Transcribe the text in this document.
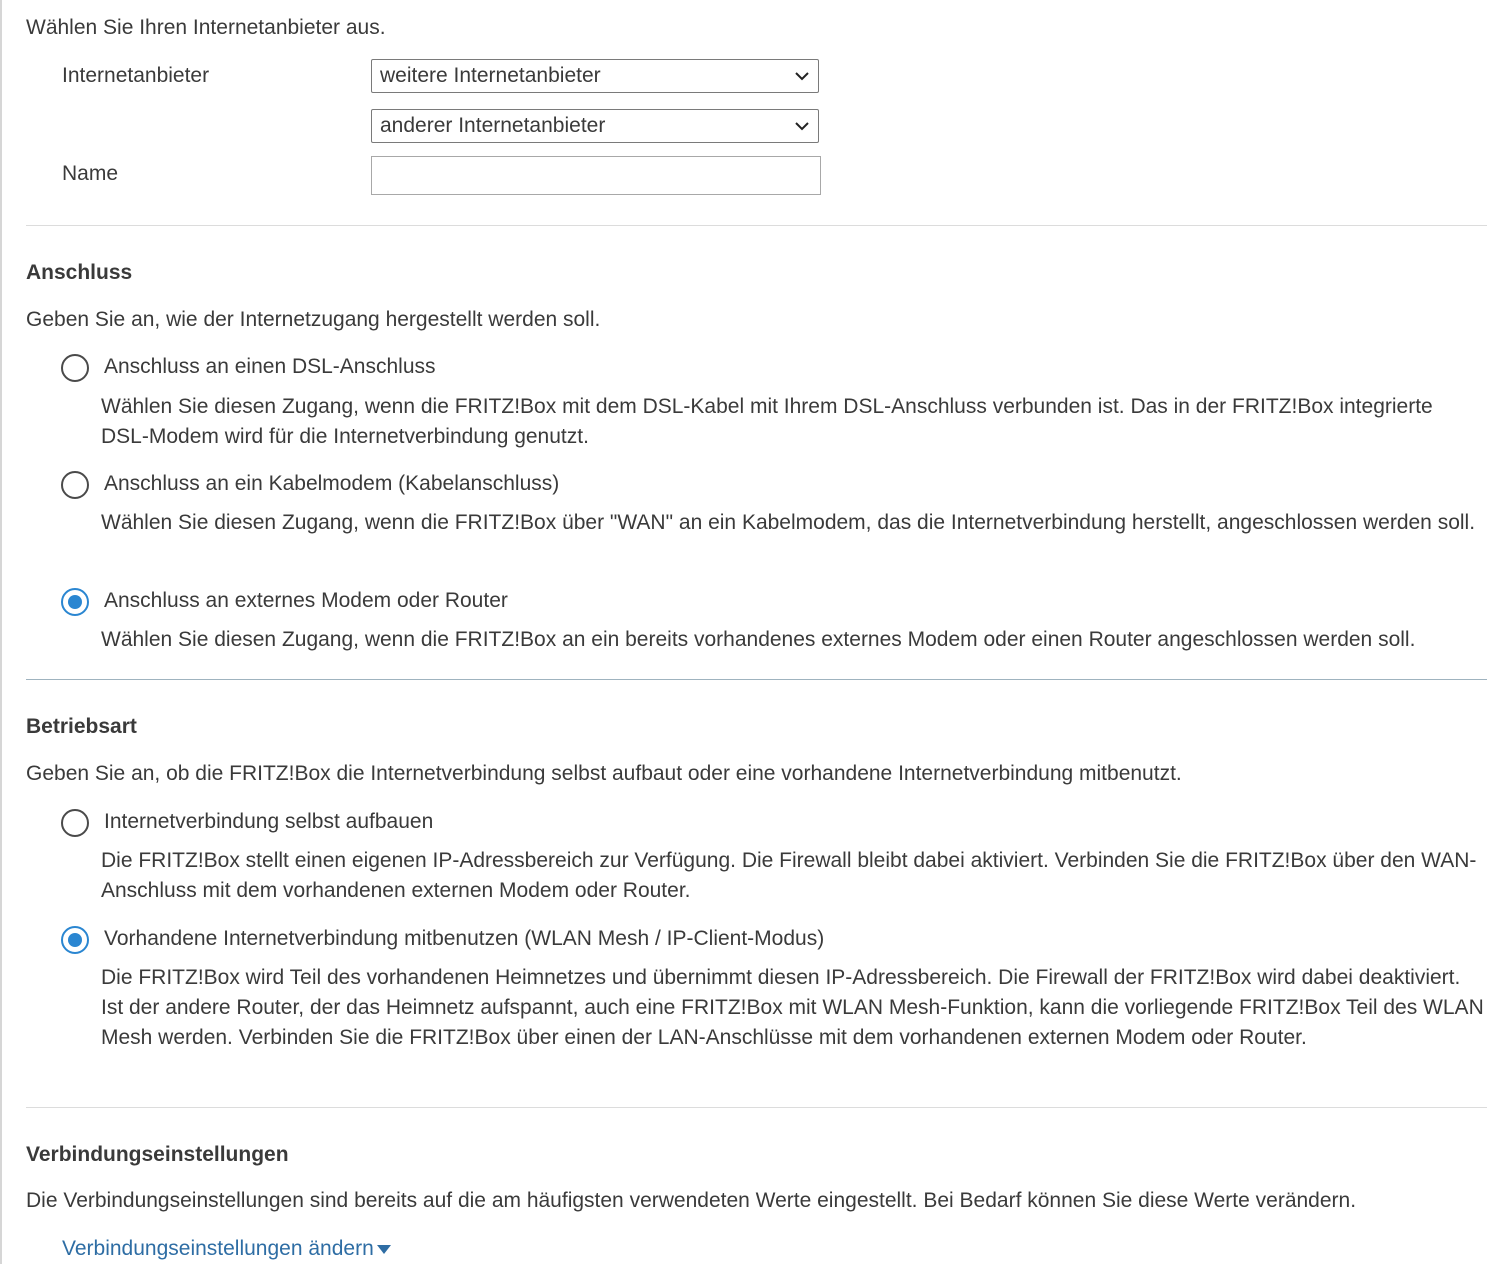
Wählen Sie Ihren Internetanbieter aus.
Internetanbieter	weitere Internetanbieter
anderer Internetanbieter
Name
Anschluss
Geben Sie an, wie der Internetzugang hergestellt werden soll.
Anschluss an einen DSL-Anschluss
Wählen Sie diesen Zugang, wenn die FRITZ!Box mit dem DSL-Kabel mit Ihrem DSL-Anschluss verbunden ist. Das in der FRITZ!Box integrierte DSL-Modem wird für die Internetverbindung genutzt.
Anschluss an ein Kabelmodem (Kabelanschluss)
Wählen Sie diesen Zugang, wenn die FRITZ!Box über "WAN" an ein Kabelmodem, das die Internetverbindung herstellt, angeschlossen werden soll.
Anschluss an externes Modem oder Router
Wählen Sie diesen Zugang, wenn die FRITZ!Box an ein bereits vorhandenes externes Modem oder einen Router angeschlossen werden soll.
Betriebsart
Geben Sie an, ob die FRITZ!Box die Internetverbindung selbst aufbaut oder eine vorhandene Internetverbindung mitbenutzt.
Internetverbindung selbst aufbauen
Die FRITZ!Box stellt einen eigenen IP-Adressbereich zur Verfügung. Die Firewall bleibt dabei aktiviert. Verbinden Sie die FRITZ!Box über den WAN-Anschluss mit dem vorhandenen externen Modem oder Router.
Vorhandene Internetverbindung mitbenutzen (WLAN Mesh / IP-Client-Modus)
Die FRITZ!Box wird Teil des vorhandenen Heimnetzes und übernimmt diesen IP-Adressbereich. Die Firewall der FRITZ!Box wird dabei deaktiviert. Ist der andere Router, der das Heimnetz aufspannt, auch eine FRITZ!Box mit WLAN Mesh-Funktion, kann die vorliegende FRITZ!Box Teil des WLAN Mesh werden. Verbinden Sie die FRITZ!Box über einen der LAN-Anschlüsse mit dem vorhandenen externen Modem oder Router.
Verbindungseinstellungen
Die Verbindungseinstellungen sind bereits auf die am häufigsten verwendeten Werte eingestellt. Bei Bedarf können Sie diese Werte verändern.
Verbindungseinstellungen ändern
